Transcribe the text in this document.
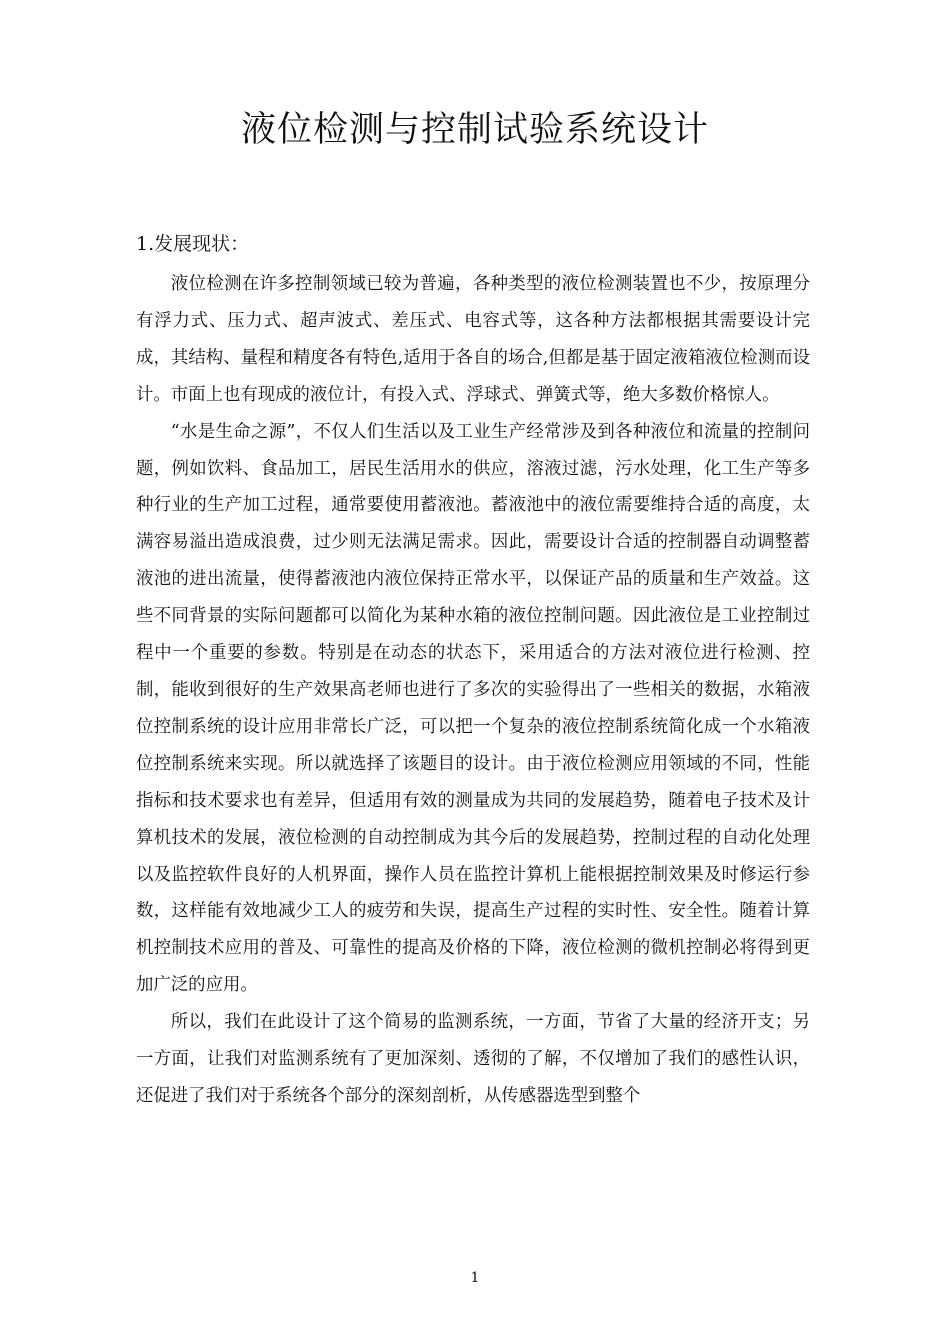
液位检测与控制试验系统设计
1.发展现状：

液位检测在许多控制领域已较为普遍，各种类型的液位检测装置也不少，按原理分有浮力式、压力式、超声波式、差压式、电容式等，这各种方法都根据其需要设计完成，其结构、量程和精度各有特色,适用于各自的场合,但都是基于固定液箱液位检测而设计。市面上也有现成的液位计，有投入式、浮球式、弹簧式等，绝大多数价格惊人。

“水是生命之源”，不仅人们生活以及工业生产经常涉及到各种液位和流量的控制问题，例如饮料、食品加工，居民生活用水的供应，溶液过滤，污水处理，化工生产等多种行业的生产加工过程，通常要使用蓄液池。蓄液池中的液位需要维持合适的高度，太满容易溢出造成浪费，过少则无法满足需求。因此，需要设计合适的控制器自动调整蓄液池的进出流量，使得蓄液池内液位保持正常水平，以保证产品的质量和生产效益。这些不同背景的实际问题都可以简化为某种水箱的液位控制问题。因此液位是工业控制过程中一个重要的参数。特别是在动态的状态下，采用适合的方法对液位进行检测、控制，能收到很好的生产效果高老师也进行了多次的实验得出了一些相关的数据，水箱液位控制系统的设计应用非常长广泛，可以把一个复杂的液位控制系统简化成一个水箱液位控制系统来实现。所以就选择了该题目的设计。由于液位检测应用领域的不同，性能指标和技术要求也有差异，但适用有效的测量成为共同的发展趋势，随着电子技术及计算机技术的发展，液位检测的自动控制成为其今后的发展趋势，控制过程的自动化处理以及监控软件良好的人机界面，操作人员在监控计算机上能根据控制效果及时修运行参数，这样能有效地减少工人的疲劳和失误，提高生产过程的实时性、安全性。随着计算机控制技术应用的普及、可靠性的提高及价格的下降，液位检测的微机控制必将得到更加广泛的应用。

所以，我们在此设计了这个简易的监测系统，一方面，节省了大量的经济开支；另一方面，让我们对监测系统有了更加深刻、透彻的了解，不仅增加了我们的感性认识，还促进了我们对于系统各个部分的深刻剖析，从传感器选型到整个

1
